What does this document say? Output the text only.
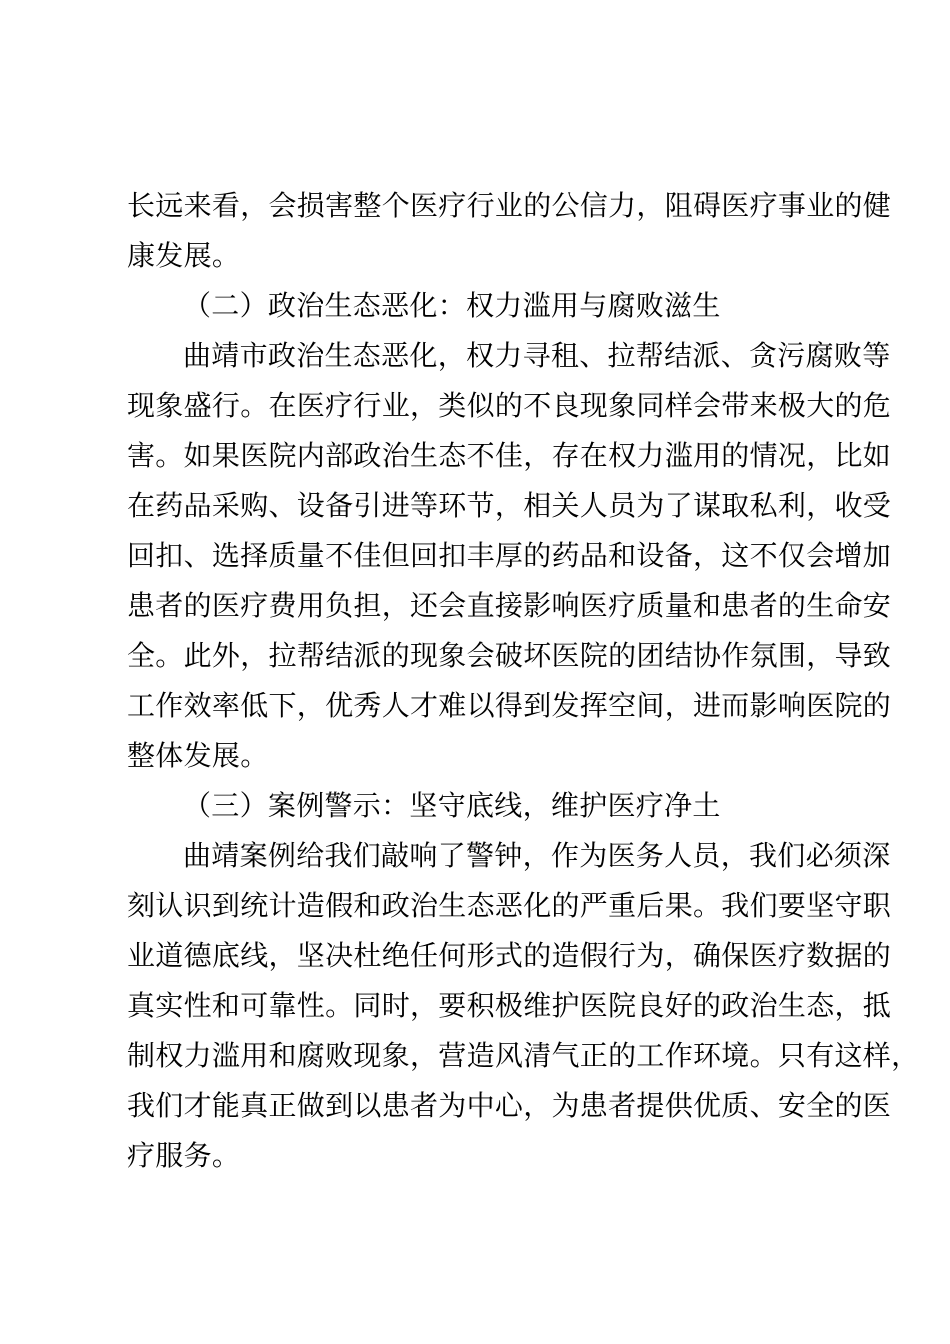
长远来看，会损害整个医疗行业的公信力，阻碍医疗事业的健
康发展。
（二）政治生态恶化：权力滥用与腐败滋生
曲靖市政治生态恶化，权力寻租、拉帮结派、贪污腐败等
现象盛行。在医疗行业，类似的不良现象同样会带来极大的危
害。如果医院内部政治生态不佳，存在权力滥用的情况，比如
在药品采购、设备引进等环节，相关人员为了谋取私利，收受
回扣、选择质量不佳但回扣丰厚的药品和设备，这不仅会增加
患者的医疗费用负担，还会直接影响医疗质量和患者的生命安
全。此外，拉帮结派的现象会破坏医院的团结协作氛围，导致
工作效率低下，优秀人才难以得到发挥空间，进而影响医院的
整体发展。
（三）案例警示：坚守底线，维护医疗净土
曲靖案例给我们敲响了警钟，作为医务人员，我们必须深
刻认识到统计造假和政治生态恶化的严重后果。我们要坚守职
业道德底线，坚决杜绝任何形式的造假行为，确保医疗数据的
真实性和可靠性。同时，要积极维护医院良好的政治生态，抵
制权力滥用和腐败现象，营造风清气正的工作环境。只有这样，
我们才能真正做到以患者为中心，为患者提供优质、安全的医
疗服务。
